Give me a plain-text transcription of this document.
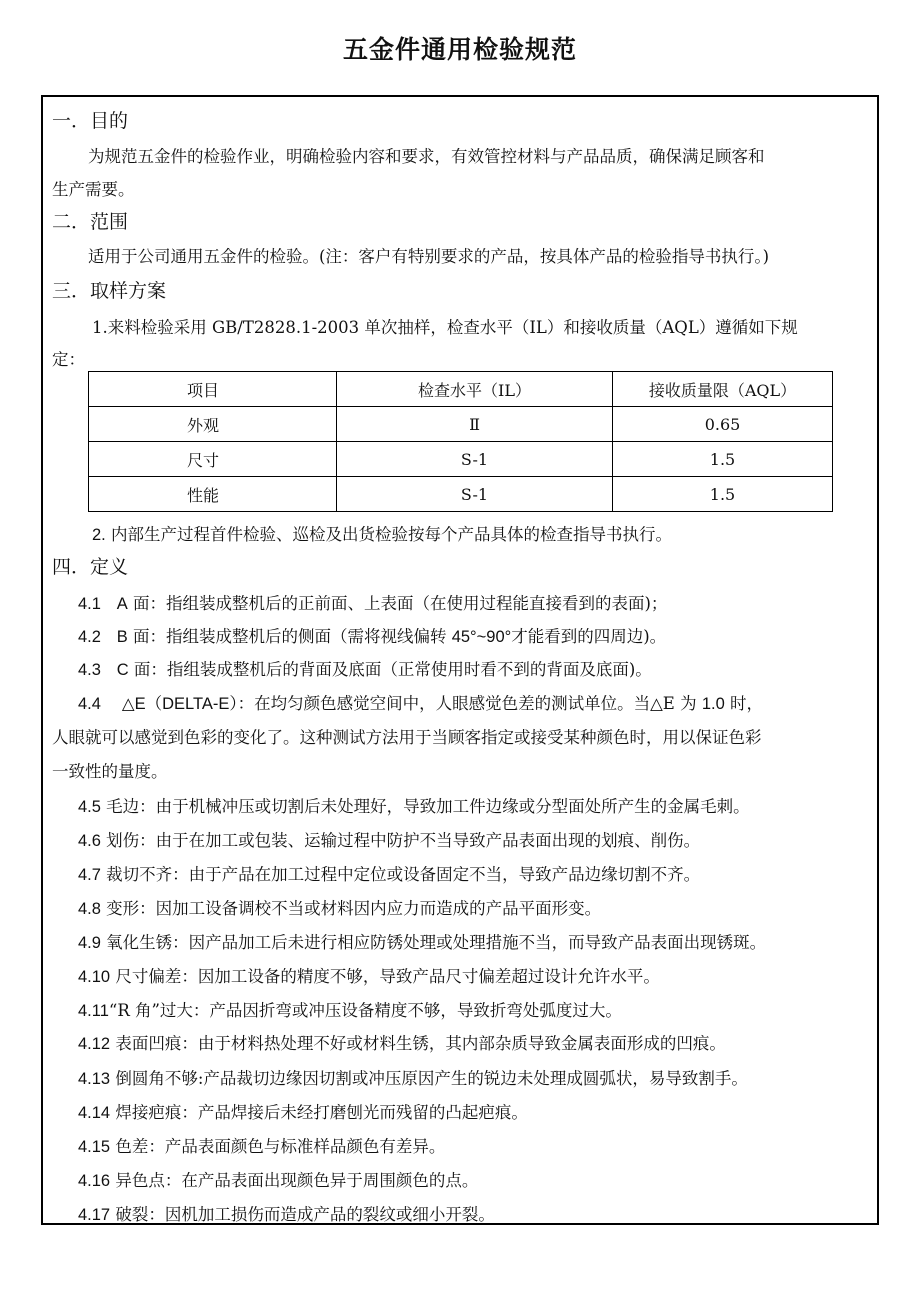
五金件通用检验规范
一．目的
为规范五金件的检验作业，明确检验内容和要求，有效管控材料与产品品质，确保满足顾客和
生产需要。
二．范围
适用于公司通用五金件的检验。(注：客户有特别要求的产品，按具体产品的检验指导书执行。)
三．取样方案
1.来料检验采用 GB/T2828.1-2003 单次抽样，检查水平（IL）和接收质量（AQL）遵循如下规
定：
项目	检查水平（IL）	接收质量限（AQL）
外观	Ⅱ	0.65
尺寸	S-1	1.5
性能	S-1	1.5
2. 内部生产过程首件检验、巡检及出货检验按每个产品具体的检查指导书执行。
四．定义
4.1 A 面：指组装成整机后的正前面、上表面（在使用过程能直接看到的表面)；
4.2 B 面：指组装成整机后的侧面（需将视线偏转 45°~90°才能看到的四周边)。
4.3 C 面：指组装成整机后的背面及底面（正常使用时看不到的背面及底面)。
4.4 △E（DELTA-E）：在均匀颜色感觉空间中，人眼感觉色差的测试单位。当△E 为 1.0 时，
人眼就可以感觉到色彩的变化了。这种测试方法用于当顾客指定或接受某种颜色时，用以保证色彩
一致性的量度。
4.5 毛边：由于机械冲压或切割后未处理好，导致加工件边缘或分型面处所产生的金属毛刺。
4.6 划伤：由于在加工或包装、运输过程中防护不当导致产品表面出现的划痕、削伤。
4.7 裁切不齐：由于产品在加工过程中定位或设备固定不当，导致产品边缘切割不齐。
4.8 变形：因加工设备调校不当或材料因内应力而造成的产品平面形变。
4.9 氧化生锈：因产品加工后未进行相应防锈处理或处理措施不当，而导致产品表面出现锈斑。
4.10 尺寸偏差：因加工设备的精度不够，导致产品尺寸偏差超过设计允许水平。
4.11“R 角”过大：产品因折弯或冲压设备精度不够，导致折弯处弧度过大。
4.12 表面凹痕：由于材料热处理不好或材料生锈，其内部杂质导致金属表面形成的凹痕。
4.13 倒圆角不够:产品裁切边缘因切割或冲压原因产生的锐边未处理成圆弧状，易导致割手。
4.14 焊接疤痕：产品焊接后未经打磨刨光而残留的凸起疤痕。
4.15 色差：产品表面颜色与标准样品颜色有差异。
4.16 异色点：在产品表面出现颜色异于周围颜色的点。
4.17 破裂：因机加工损伤而造成产品的裂纹或细小开裂。
